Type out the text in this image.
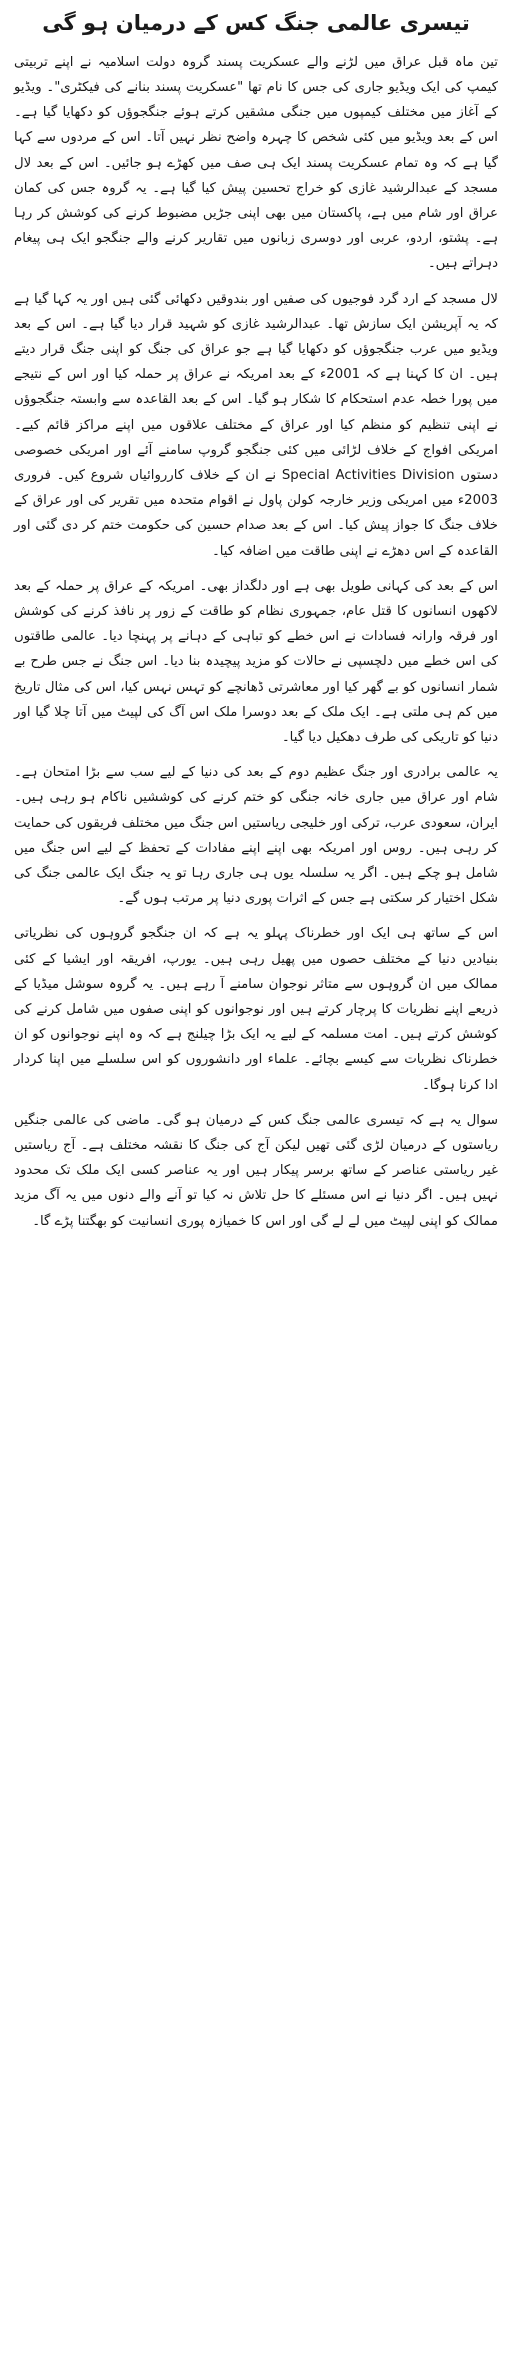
تیسری عالمی جنگ کس کے درمیان ہو گی

تین ماہ قبل عراق میں لڑنے والے عسکریت پسند گروہ دولت اسلامیہ نے اپنے تربیتی کیمپ کی ایک ویڈیو جاری کی جس کا نام تھا "عسکریت پسند بنانے کی فیکٹری"۔ ویڈیو کے آغاز میں مختلف کیمپوں میں جنگی مشقیں کرتے ہوئے جنگجوؤں کو دکھایا گیا ہے۔ اس کے بعد ویڈیو میں کئی شخص کا چہرہ واضح نظر نہیں آتا۔ اس کے مردوں سے کہا گیا ہے کہ وہ تمام عسکریت پسند ایک ہی صف میں کھڑے ہو جائیں۔ اس کے بعد لال مسجد کے عبدالرشید غازی کو خراج تحسین پیش کیا گیا ہے۔ یہ گروہ جس کی کمان عراق اور شام میں ہے، پاکستان میں بھی اپنی جڑیں مضبوط کرنے کی کوشش کر رہا ہے۔ پشتو، اردو، عربی اور دوسری زبانوں میں تقاریر کرنے والے جنگجو ایک ہی پیغام دہراتے ہیں۔

لال مسجد کے ارد گرد فوجیوں کی صفیں اور بندوقیں دکھائی گئی ہیں اور یہ کہا گیا ہے کہ یہ آپریشن ایک سازش تھا۔ عبدالرشید غازی کو شہید قرار دیا گیا ہے۔ اس کے بعد ویڈیو میں عرب جنگجوؤں کو دکھایا گیا ہے جو عراق کی جنگ کو اپنی جنگ قرار دیتے ہیں۔ ان کا کہنا ہے کہ 2001ء کے بعد امریکہ نے عراق پر حملہ کیا اور اس کے نتیجے میں پورا خطہ عدم استحکام کا شکار ہو گیا۔ اس کے بعد القاعدہ سے وابستہ جنگجوؤں نے اپنی تنظیم کو منظم کیا اور عراق کے مختلف علاقوں میں اپنے مراکز قائم کیے۔ امریکی افواج کے خلاف لڑائی میں کئی جنگجو گروپ سامنے آئے اور امریکی خصوصی دستوں Special Activities Division نے ان کے خلاف کارروائیاں شروع کیں۔ فروری 2003ء میں امریکی وزیر خارجہ کولن پاول نے اقوام متحدہ میں تقریر کی اور عراق کے خلاف جنگ کا جواز پیش کیا۔ اس کے بعد صدام حسین کی حکومت ختم کر دی گئی اور القاعدہ کے اس دھڑے نے اپنی طاقت میں اضافہ کیا۔

اس کے بعد کی کہانی طویل بھی ہے اور دلگداز بھی۔ امریکہ کے عراق پر حملہ کے بعد لاکھوں انسانوں کا قتل عام، جمہوری نظام کو طاقت کے زور پر نافذ کرنے کی کوشش اور فرقہ وارانہ فسادات نے اس خطے کو تباہی کے دہانے پر پہنچا دیا۔ عالمی طاقتوں کی اس خطے میں دلچسپی نے حالات کو مزید پیچیدہ بنا دیا۔ اس جنگ نے جس طرح بے شمار انسانوں کو بے گھر کیا اور معاشرتی ڈھانچے کو تہس نہس کیا، اس کی مثال تاریخ میں کم ہی ملتی ہے۔ ایک ملک کے بعد دوسرا ملک اس آگ کی لپیٹ میں آتا چلا گیا اور دنیا کو تاریکی کی طرف دھکیل دیا گیا۔

یہ عالمی برادری اور جنگ عظیم دوم کے بعد کی دنیا کے لیے سب سے بڑا امتحان ہے۔ شام اور عراق میں جاری خانہ جنگی کو ختم کرنے کی کوششیں ناکام ہو رہی ہیں۔ ایران، سعودی عرب، ترکی اور خلیجی ریاستیں اس جنگ میں مختلف فریقوں کی حمایت کر رہی ہیں۔ روس اور امریکہ بھی اپنے اپنے مفادات کے تحفظ کے لیے اس جنگ میں شامل ہو چکے ہیں۔ اگر یہ سلسلہ یوں ہی جاری رہا تو یہ جنگ ایک عالمی جنگ کی شکل اختیار کر سکتی ہے جس کے اثرات پوری دنیا پر مرتب ہوں گے۔

اس کے ساتھ ہی ایک اور خطرناک پہلو یہ ہے کہ ان جنگجو گروہوں کی نظریاتی بنیادیں دنیا کے مختلف حصوں میں پھیل رہی ہیں۔ یورپ، افریقہ اور ایشیا کے کئی ممالک میں ان گروہوں سے متاثر نوجوان سامنے آ رہے ہیں۔ یہ گروہ سوشل میڈیا کے ذریعے اپنے نظریات کا پرچار کرتے ہیں اور نوجوانوں کو اپنی صفوں میں شامل کرنے کی کوشش کرتے ہیں۔ امت مسلمہ کے لیے یہ ایک بڑا چیلنج ہے کہ وہ اپنے نوجوانوں کو ان خطرناک نظریات سے کیسے بچائے۔ علماء اور دانشوروں کو اس سلسلے میں اپنا کردار ادا کرنا ہوگا۔

سوال یہ ہے کہ تیسری عالمی جنگ کس کے درمیان ہو گی۔ ماضی کی عالمی جنگیں ریاستوں کے درمیان لڑی گئی تھیں لیکن آج کی جنگ کا نقشہ مختلف ہے۔ آج ریاستیں غیر ریاستی عناصر کے ساتھ برسر پیکار ہیں اور یہ عناصر کسی ایک ملک تک محدود نہیں ہیں۔ اگر دنیا نے اس مسئلے کا حل تلاش نہ کیا تو آنے والے دنوں میں یہ آگ مزید ممالک کو اپنی لپیٹ میں لے لے گی اور اس کا خمیازہ پوری انسانیت کو بھگتنا پڑے گا۔
